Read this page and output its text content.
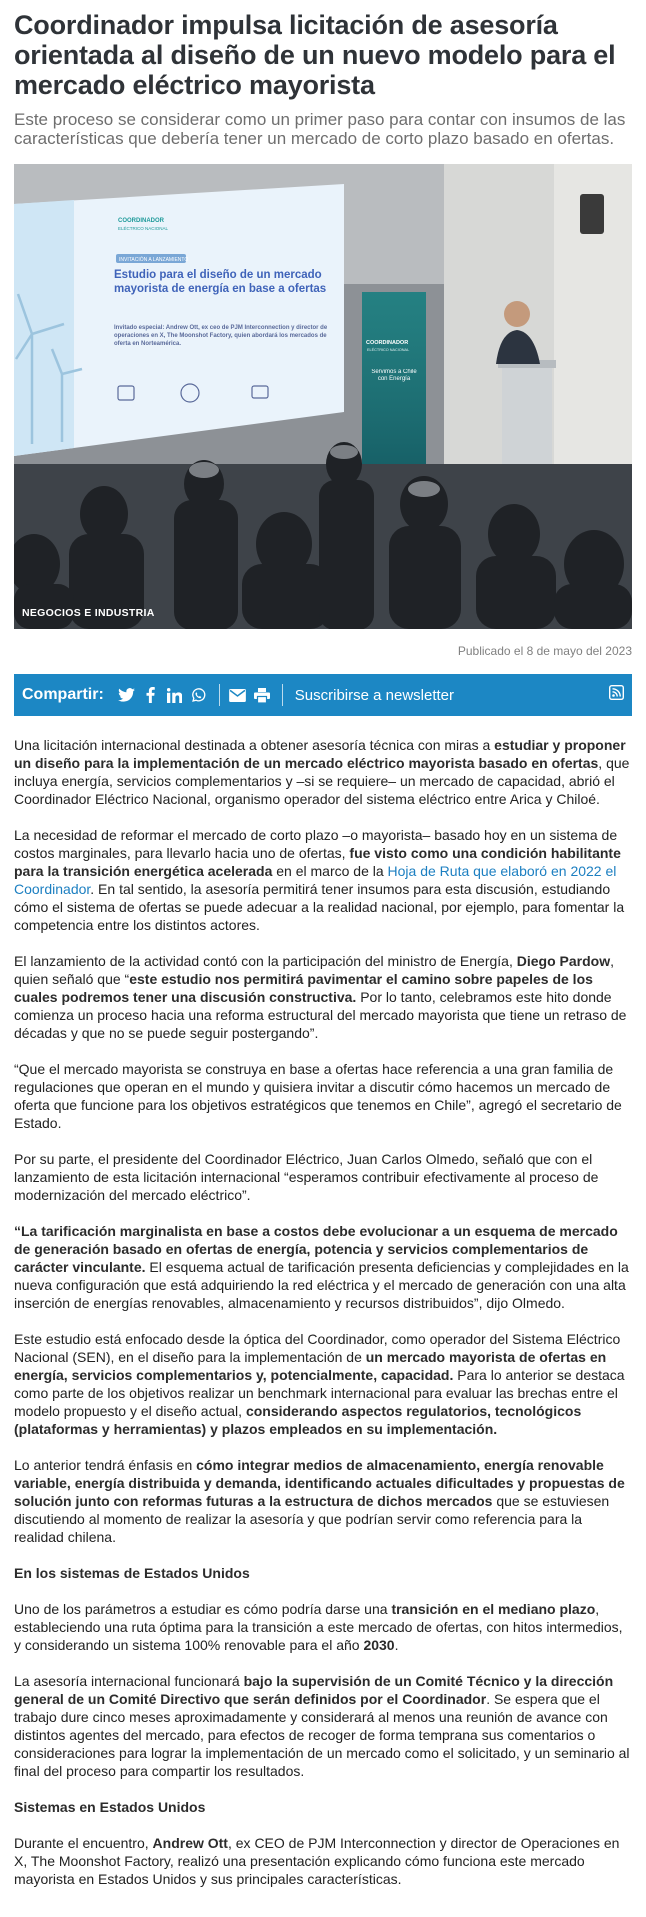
Coordinador impulsa licitación de asesoría orientada al diseño de un nuevo modelo para el mercado eléctrico mayorista

Este proceso se considerar como un primer paso para contar con insumos de las características que debería tener un mercado de corto plazo basado en ofertas.

COORDINADOR
ELÉCTRICO NACIONAL
INVITACIÓN A LANZAMIENTO
Estudio para el diseño de un mercado mayorista de energía en base a ofertas
Invitado especial: Andrew Ott, ex ceo de PJM Interconnection y director de operaciones en X, The Moonshot Factory, quien abordará los mercados de oferta en Norteamérica.	COORDINADOR
ELÉCTRICO NACIONAL
Servimos a Chile con Energía
NEGOCIOS E INDUSTRIA
Publicado el 8 de mayo del 2023
Compartir:	Suscribirse a newsletter

Una licitación internacional destinada a obtener asesoría técnica con miras a estudiar y proponer un diseño para la implementación de un mercado eléctrico mayorista basado en ofertas, que incluya energía, servicios complementarios y –si se requiere– un mercado de capacidad, abrió el Coordinador Eléctrico Nacional, organismo operador del sistema eléctrico entre Arica y Chiloé.

La necesidad de reformar el mercado de corto plazo –o mayorista– basado hoy en un sistema de costos marginales, para llevarlo hacia uno de ofertas, fue visto como una condición habilitante para la transición energética acelerada en el marco de la Hoja de Ruta que elaboró en 2022 el Coordinador. En tal sentido, la asesoría permitirá tener insumos para esta discusión, estudiando cómo el sistema de ofertas se puede adecuar a la realidad nacional, por ejemplo, para fomentar la competencia entre los distintos actores.

El lanzamiento de la actividad contó con la participación del ministro de Energía, Diego Pardow, quien señaló que “este estudio nos permitirá pavimentar el camino sobre papeles de los cuales podremos tener una discusión constructiva. Por lo tanto, celebramos este hito donde comienza un proceso hacia una reforma estructural del mercado mayorista que tiene un retraso de décadas y que no se puede seguir postergando”.

“Que el mercado mayorista se construya en base a ofertas hace referencia a una gran familia de regulaciones que operan en el mundo y quisiera invitar a discutir cómo hacemos un mercado de oferta que funcione para los objetivos estratégicos que tenemos en Chile”, agregó el secretario de Estado.

Por su parte, el presidente del Coordinador Eléctrico, Juan Carlos Olmedo, señaló que con el lanzamiento de esta licitación internacional “esperamos contribuir efectivamente al proceso de modernización del mercado eléctrico”.

“La tarificación marginalista en base a costos debe evolucionar a un esquema de mercado de generación basado en ofertas de energía, potencia y servicios complementarios de carácter vinculante. El esquema actual de tarificación presenta deficiencias y complejidades en la nueva configuración que está adquiriendo la red eléctrica y el mercado de generación con una alta inserción de energías renovables, almacenamiento y recursos distribuidos”, dijo Olmedo.

Este estudio está enfocado desde la óptica del Coordinador, como operador del Sistema Eléctrico Nacional (SEN), en el diseño para la implementación de un mercado mayorista de ofertas en energía, servicios complementarios y, potencialmente, capacidad. Para lo anterior se destaca como parte de los objetivos realizar un benchmark internacional para evaluar las brechas entre el modelo propuesto y el diseño actual, considerando aspectos regulatorios, tecnológicos (plataformas y herramientas) y plazos empleados en su implementación.

Lo anterior tendrá énfasis en cómo integrar medios de almacenamiento, energía renovable variable, energía distribuida y demanda, identificando actuales dificultades y propuestas de solución junto con reformas futuras a la estructura de dichos mercados que se estuviesen discutiendo al momento de realizar la asesoría y que podrían servir como referencia para la realidad chilena.

En los sistemas de Estados Unidos

Uno de los parámetros a estudiar es cómo podría darse una transición en el mediano plazo, estableciendo una ruta óptima para la transición a este mercado de ofertas, con hitos intermedios, y considerando un sistema 100% renovable para el año 2030.

La asesoría internacional funcionará bajo la supervisión de un Comité Técnico y la dirección general de un Comité Directivo que serán definidos por el Coordinador. Se espera que el trabajo dure cinco meses aproximadamente y considerará al menos una reunión de avance con distintos agentes del mercado, para efectos de recoger de forma temprana sus comentarios o consideraciones para lograr la implementación de un mercado como el solicitado, y un seminario al final del proceso para compartir los resultados.

Sistemas en Estados Unidos

Durante el encuentro, Andrew Ott, ex CEO de PJM Interconnection y director de Operaciones en X, The Moonshot Factory, realizó una presentación explicando cómo funciona este mercado mayorista en Estados Unidos y sus principales características.
